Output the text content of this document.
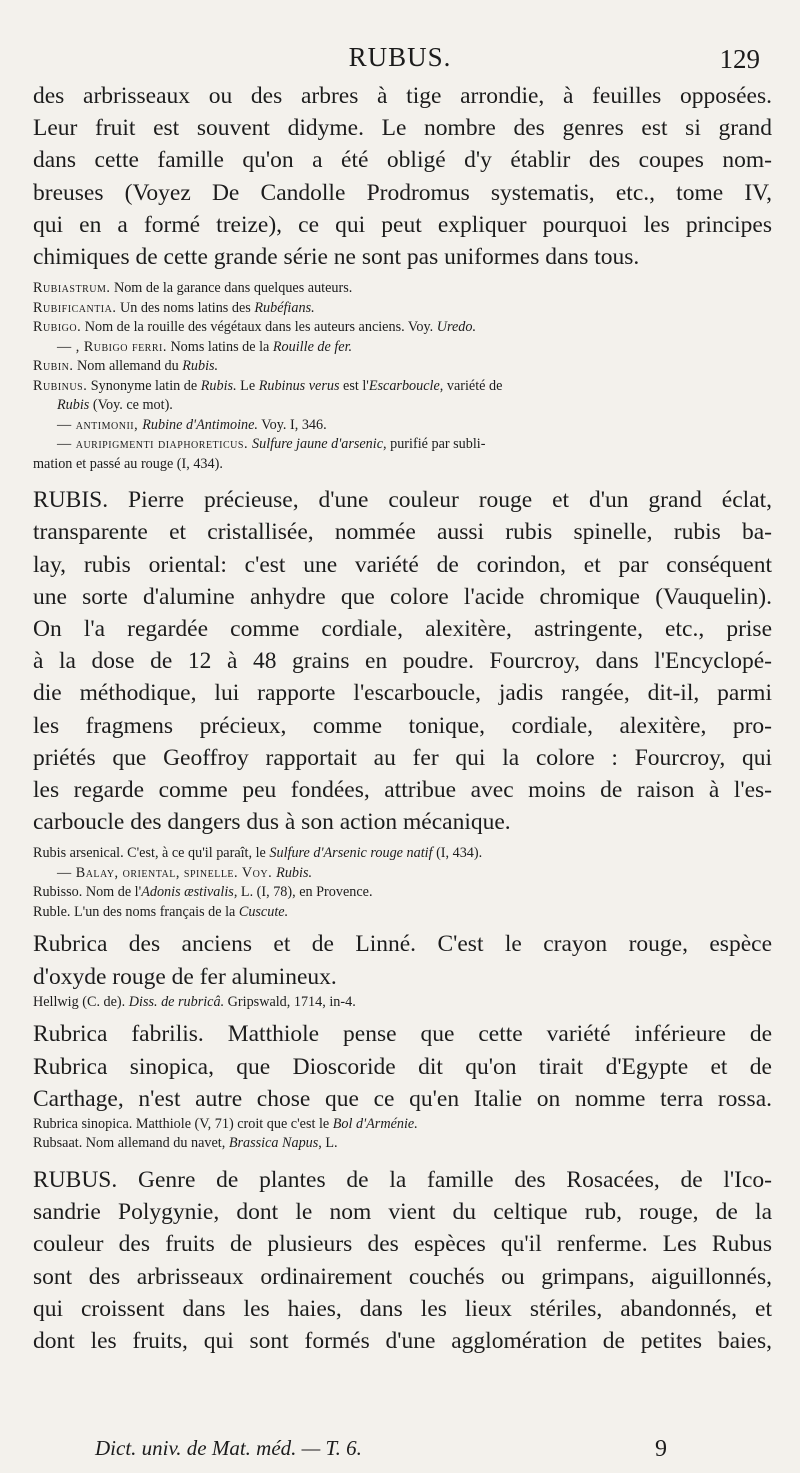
RUBUS.	129

des arbrisseaux ou des arbres à tige arrondie, à feuilles opposées.
Leur fruit est souvent didyme. Le nombre des genres est si grand
dans cette famille qu'on a été obligé d'y établir des coupes nom-
breuses (Voyez De Candolle Prodromus systematis, etc., tome IV,
qui en a formé treize), ce qui peut expliquer pourquoi les principes
chimiques de cette grande série ne sont pas uniformes dans tous.

Rubiastrum. Nom de la garance dans quelques auteurs.
Rubificantia. Un des noms latins des Rubéfians.
Rubigo. Nom de la rouille des végétaux dans les auteurs anciens. Voy. Uredo.
— , Rubigo ferri. Noms latins de la Rouille de fer.
Rubin. Nom allemand du Rubis.
Rubinus. Synonyme latin de Rubis. Le Rubinus verus est l'Escarboucle, variété de
Rubis (Voy. ce mot).
— antimonii, Rubine d'Antimoine. Voy. I, 346.
— auripigmenti diaphoreticus. Sulfure jaune d'arsenic, purifié par subli-
mation et passé au rouge (I, 434).

RUBIS. Pierre précieuse, d'une couleur rouge et d'un grand éclat,
transparente et cristallisée, nommée aussi rubis spinelle, rubis ba-
lay, rubis oriental: c'est une variété de corindon, et par conséquent
une sorte d'alumine anhydre que colore l'acide chromique (Vauquelin).
On l'a regardée comme cordiale, alexitère, astringente, etc., prise
à la dose de 12 à 48 grains en poudre. Fourcroy, dans l'Encyclopé-
die méthodique, lui rapporte l'escarboucle, jadis rangée, dit-il, parmi
les fragmens précieux, comme tonique, cordiale, alexitère, pro-
priétés que Geoffroy rapportait au fer qui la colore : Fourcroy, qui
les regarde comme peu fondées, attribue avec moins de raison à l'es-
carboucle des dangers dus à son action mécanique.

Rubis arsenical. C'est, à ce qu'il paraît, le Sulfure d'Arsenic rouge natif (I, 434).
— Balay, oriental, spinelle. Voy. Rubis.
Rubisso. Nom de l'Adonis æstivalis, L. (I, 78), en Provence.
Ruble. L'un des noms français de la Cuscute.

Rubrica des anciens et de Linné. C'est le crayon rouge, espèce
d'oxyde rouge de fer alumineux.

Hellwig (C. de). Diss. de rubricâ. Gripswald, 1714, in-4.

Rubrica fabrilis. Matthiole pense que cette variété inférieure de
Rubrica sinopica, que Dioscoride dit qu'on tirait d'Egypte et de
Carthage, n'est autre chose que ce qu'en Italie on nomme terra rossa.

Rubrica sinopica. Matthiole (V, 71) croit que c'est le Bol d'Arménie.
Rubsaat. Nom allemand du navet, Brassica Napus, L.

RUBUS. Genre de plantes de la famille des Rosacées, de l'Ico-
sandrie Polygynie, dont le nom vient du celtique rub, rouge, de la
couleur des fruits de plusieurs des espèces qu'il renferme. Les Rubus
sont des arbrisseaux ordinairement couchés ou grimpans, aiguillonnés,
qui croissent dans les haies, dans les lieux stériles, abandonnés, et
dont les fruits, qui sont formés d'une agglomération de petites baies,

Dict. univ. de Mat. méd. — T. 6.	9
